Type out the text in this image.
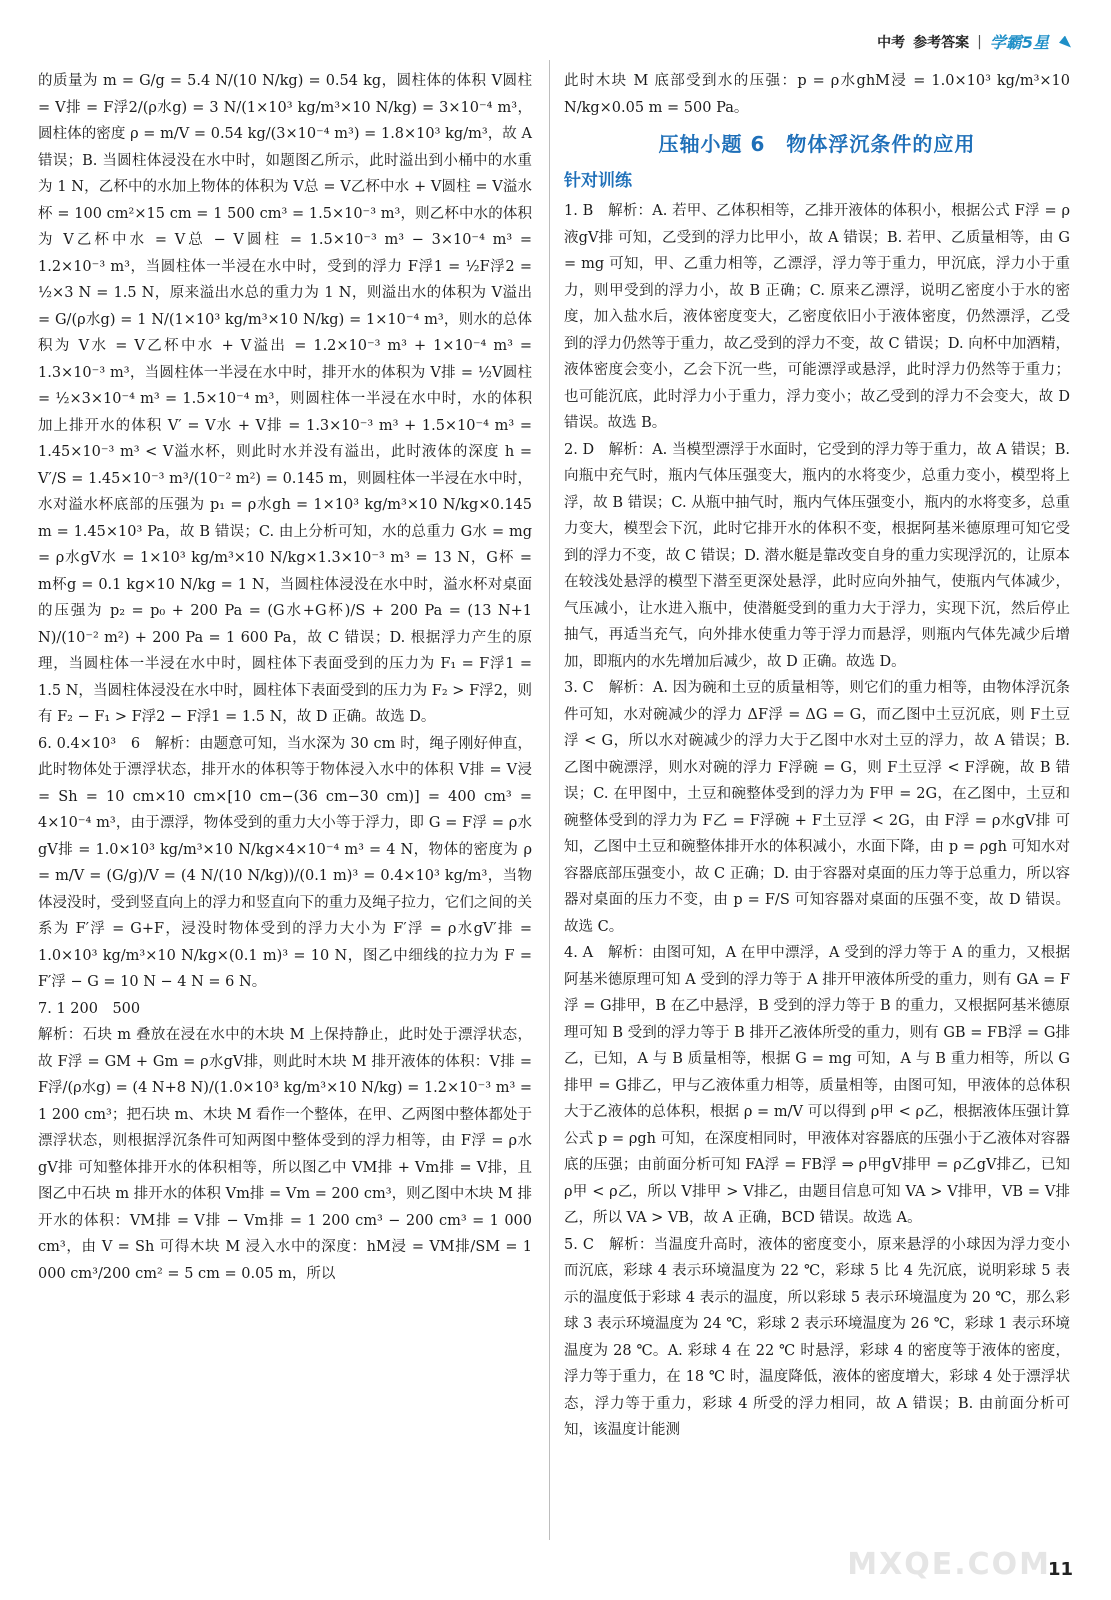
中考 参考答案 | 学霸5星

的质量为 m = G/g = 5.4 N/(10 N/kg) = 0.54 kg，圆柱体的体积 V圆柱 = V排 = F浮2/(ρ水g) = 3 N/(1×10³ kg/m³×10 N/kg) = 3×10⁻⁴ m³，圆柱体的密度 ρ = m/V = 0.54 kg/(3×10⁻⁴ m³) = 1.8×10³ kg/m³，故 A 错误；B. 当圆柱体浸没在水中时，如题图乙所示，此时溢出到小桶中的水重为 1 N，乙杯中的水加上物体的体积为 V总 = V乙杯中水 + V圆柱 = V溢水杯 = 100 cm²×15 cm = 1 500 cm³ = 1.5×10⁻³ m³，则乙杯中水的体积为 V乙杯中水 = V总 − V圆柱 = 1.5×10⁻³ m³ − 3×10⁻⁴ m³ = 1.2×10⁻³ m³，当圆柱体一半浸在水中时，受到的浮力 F浮1 = ½F浮2 = ½×3 N = 1.5 N，原来溢出水总的重力为 1 N，则溢出水的体积为 V溢出 = G/(ρ水g) = 1 N/(1×10³ kg/m³×10 N/kg) = 1×10⁻⁴ m³，则水的总体积为 V水 = V乙杯中水 + V溢出 = 1.2×10⁻³ m³ + 1×10⁻⁴ m³ = 1.3×10⁻³ m³，当圆柱体一半浸在水中时，排开水的体积为 V排 = ½V圆柱 = ½×3×10⁻⁴ m³ = 1.5×10⁻⁴ m³，则圆柱体一半浸在水中时，水的体积加上排开水的体积 V′ = V水 + V排 = 1.3×10⁻³ m³ + 1.5×10⁻⁴ m³ = 1.45×10⁻³ m³ < V溢水杯，则此时水并没有溢出，此时液体的深度 h = V′/S = 1.45×10⁻³ m³/(10⁻² m²) = 0.145 m，则圆柱体一半浸在水中时，水对溢水杯底部的压强为 p₁ = ρ水gh = 1×10³ kg/m³×10 N/kg×0.145 m = 1.45×10³ Pa，故 B 错误；C. 由上分析可知，水的总重力 G水 = mg = ρ水gV水 = 1×10³ kg/m³×10 N/kg×1.3×10⁻³ m³ = 13 N，G杯 = m杯g = 0.1 kg×10 N/kg = 1 N，当圆柱体浸没在水中时，溢水杯对桌面的压强为 p₂ = p₀ + 200 Pa = (G水+G杯)/S + 200 Pa = (13 N+1 N)/(10⁻² m²) + 200 Pa = 1 600 Pa，故 C 错误；D. 根据浮力产生的原理，当圆柱体一半浸在水中时，圆柱体下表面受到的压力为 F₁ = F浮1 = 1.5 N，当圆柱体浸没在水中时，圆柱体下表面受到的压力为 F₂ > F浮2，则有 F₂ − F₁ > F浮2 − F浮1 = 1.5 N，故 D 正确。故选 D。

6. 0.4×10³　6　解析：由题意可知，当水深为 30 cm 时，绳子刚好伸直，此时物体处于漂浮状态，排开水的体积等于物体浸入水中的体积 V排 = V浸 = Sh = 10 cm×10 cm×[10 cm−(36 cm−30 cm)] = 400 cm³ = 4×10⁻⁴ m³，由于漂浮，物体受到的重力大小等于浮力，即 G = F浮 = ρ水gV排 = 1.0×10³ kg/m³×10 N/kg×4×10⁻⁴ m³ = 4 N，物体的密度为 ρ = m/V = (G/g)/V = (4 N/(10 N/kg))/(0.1 m)³ = 0.4×10³ kg/m³，当物体浸没时，受到竖直向上的浮力和竖直向下的重力及绳子拉力，它们之间的关系为 F′浮 = G+F，浸没时物体受到的浮力大小为 F′浮 = ρ水gV′排 = 1.0×10³ kg/m³×10 N/kg×(0.1 m)³ = 10 N，图乙中细线的拉力为 F = F′浮 − G = 10 N − 4 N = 6 N。

7. 1 200　500

解析：石块 m 叠放在浸在水中的木块 M 上保持静止，此时处于漂浮状态，故 F浮 = GM + Gm = ρ水gV排，则此时木块 M 排开液体的体积：V排 = F浮/(ρ水g) = (4 N+8 N)/(1.0×10³ kg/m³×10 N/kg) = 1.2×10⁻³ m³ = 1 200 cm³；把石块 m、木块 M 看作一个整体，在甲、乙两图中整体都处于漂浮状态，则根据浮沉条件可知两图中整体受到的浮力相等，由 F浮 = ρ水gV排 可知整体排开水的体积相等，所以图乙中 VM排 + Vm排 = V排，且图乙中石块 m 排开水的体积 Vm排 = Vm = 200 cm³，则乙图中木块 M 排开水的体积：VM排 = V排 − Vm排 = 1 200 cm³ − 200 cm³ = 1 000 cm³，由 V = Sh 可得木块 M 浸入水中的深度：hM浸 = VM排/SM = 1 000 cm³/200 cm² = 5 cm = 0.05 m，所以

此时木块 M 底部受到水的压强：p = ρ水ghM浸 = 1.0×10³ kg/m³×10 N/kg×0.05 m = 500 Pa。

压轴小题 6　物体浮沉条件的应用
针对训练

1. B　解析：A. 若甲、乙体积相等，乙排开液体的体积小，根据公式 F浮 = ρ液gV排 可知，乙受到的浮力比甲小，故 A 错误；B. 若甲、乙质量相等，由 G = mg 可知，甲、乙重力相等，乙漂浮，浮力等于重力，甲沉底，浮力小于重力，则甲受到的浮力小，故 B 正确；C. 原来乙漂浮，说明乙密度小于水的密度，加入盐水后，液体密度变大，乙密度依旧小于液体密度，仍然漂浮，乙受到的浮力仍然等于重力，故乙受到的浮力不变，故 C 错误；D. 向杯中加酒精，液体密度会变小，乙会下沉一些，可能漂浮或悬浮，此时浮力仍然等于重力；也可能沉底，此时浮力小于重力，浮力变小；故乙受到的浮力不会变大，故 D 错误。故选 B。

2. D　解析：A. 当模型漂浮于水面时，它受到的浮力等于重力，故 A 错误；B. 向瓶中充气时，瓶内气体压强变大，瓶内的水将变少，总重力变小，模型将上浮，故 B 错误；C. 从瓶中抽气时，瓶内气体压强变小，瓶内的水将变多，总重力变大，模型会下沉，此时它排开水的体积不变，根据阿基米德原理可知它受到的浮力不变，故 C 错误；D. 潜水艇是靠改变自身的重力实现浮沉的，让原本在较浅处悬浮的模型下潜至更深处悬浮，此时应向外抽气，使瓶内气体减少，气压减小，让水进入瓶中，使潜艇受到的重力大于浮力，实现下沉，然后停止抽气，再适当充气，向外排水使重力等于浮力而悬浮，则瓶内气体先减少后增加，即瓶内的水先增加后减少，故 D 正确。故选 D。

3. C　解析：A. 因为碗和土豆的质量相等，则它们的重力相等，由物体浮沉条件可知，水对碗减少的浮力 ΔF浮 = ΔG = G，而乙图中土豆沉底，则 F土豆浮 < G，所以水对碗减少的浮力大于乙图中水对土豆的浮力，故 A 错误；B. 乙图中碗漂浮，则水对碗的浮力 F浮碗 = G，则 F土豆浮 < F浮碗，故 B 错误；C. 在甲图中，土豆和碗整体受到的浮力为 F甲 = 2G，在乙图中，土豆和碗整体受到的浮力为 F乙 = F浮碗 + F土豆浮 < 2G，由 F浮 = ρ水gV排 可知，乙图中土豆和碗整体排开水的体积减小，水面下降，由 p = ρgh 可知水对容器底部压强变小，故 C 正确；D. 由于容器对桌面的压力等于总重力，所以容器对桌面的压力不变，由 p = F/S 可知容器对桌面的压强不变，故 D 错误。故选 C。

4. A　解析：由图可知，A 在甲中漂浮，A 受到的浮力等于 A 的重力，又根据阿基米德原理可知 A 受到的浮力等于 A 排开甲液体所受的重力，则有 GA = F浮 = G排甲，B 在乙中悬浮，B 受到的浮力等于 B 的重力，又根据阿基米德原理可知 B 受到的浮力等于 B 排开乙液体所受的重力，则有 GB = FB浮 = G排乙，已知，A 与 B 质量相等，根据 G = mg 可知，A 与 B 重力相等，所以 G排甲 = G排乙，甲与乙液体重力相等，质量相等，由图可知，甲液体的总体积大于乙液体的总体积，根据 ρ = m/V 可以得到 ρ甲 < ρ乙，根据液体压强计算公式 p = ρgh 可知，在深度相同时，甲液体对容器底的压强小于乙液体对容器底的压强；由前面分析可知 FA浮 = FB浮 ⇒ ρ甲gV排甲 = ρ乙gV排乙，已知 ρ甲 < ρ乙，所以 V排甲 > V排乙，由题目信息可知 VA > V排甲，VB = V排乙，所以 VA > VB，故 A 正确，BCD 错误。故选 A。

5. C　解析：当温度升高时，液体的密度变小，原来悬浮的小球因为浮力变小而沉底，彩球 4 表示环境温度为 22 ℃，彩球 5 比 4 先沉底，说明彩球 5 表示的温度低于彩球 4 表示的温度，所以彩球 5 表示环境温度为 20 ℃，那么彩球 3 表示环境温度为 24 ℃，彩球 2 表示环境温度为 26 ℃，彩球 1 表示环境温度为 28 ℃。A. 彩球 4 在 22 ℃ 时悬浮，彩球 4 的密度等于液体的密度，浮力等于重力，在 18 ℃ 时，温度降低，液体的密度增大，彩球 4 处于漂浮状态，浮力等于重力，彩球 4 所受的浮力相同，故 A 错误；B. 由前面分析可知，该温度计能测

MXQE.COM
11
